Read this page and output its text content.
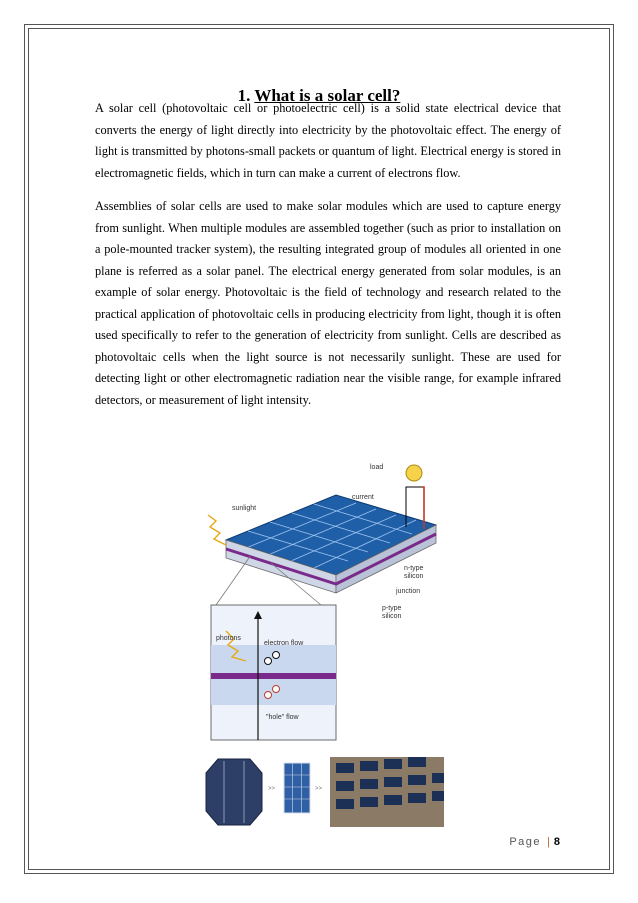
1. What is a solar cell?

A solar cell (photovoltaic cell or photoelectric cell) is a solid state electrical device that converts the energy of light directly into electricity by the photovoltaic effect. The energy of light is transmitted by photons-small packets or quantum of light. Electrical energy is stored in electromagnetic fields, which in turn can make a current of electrons flow.

Assemblies of solar cells are used to make solar modules which are used to capture energy from sunlight. When multiple modules are assembled together (such as prior to installation on a pole-mounted tracker system), the resulting integrated group of modules all oriented in one plane is referred as a solar panel. The electrical energy generated from solar modules, is an example of solar energy. Photovoltaic is the field of technology and research related to the practical application of photovoltaic cells in producing electricity from light, though it is often used specifically to refer to the generation of electricity from sunlight. Cells are described as photovoltaic cells when the light source is not necessarily sunlight. These are used for detecting light or other electromagnetic radiation near the visible range, for example infrared detectors, or measurement of light intensity.

load
current
sunlight
n-type
silicon
junction
p-type
silicon
photons
electron flow
"hole" flow
>>	>>
Page | 8
